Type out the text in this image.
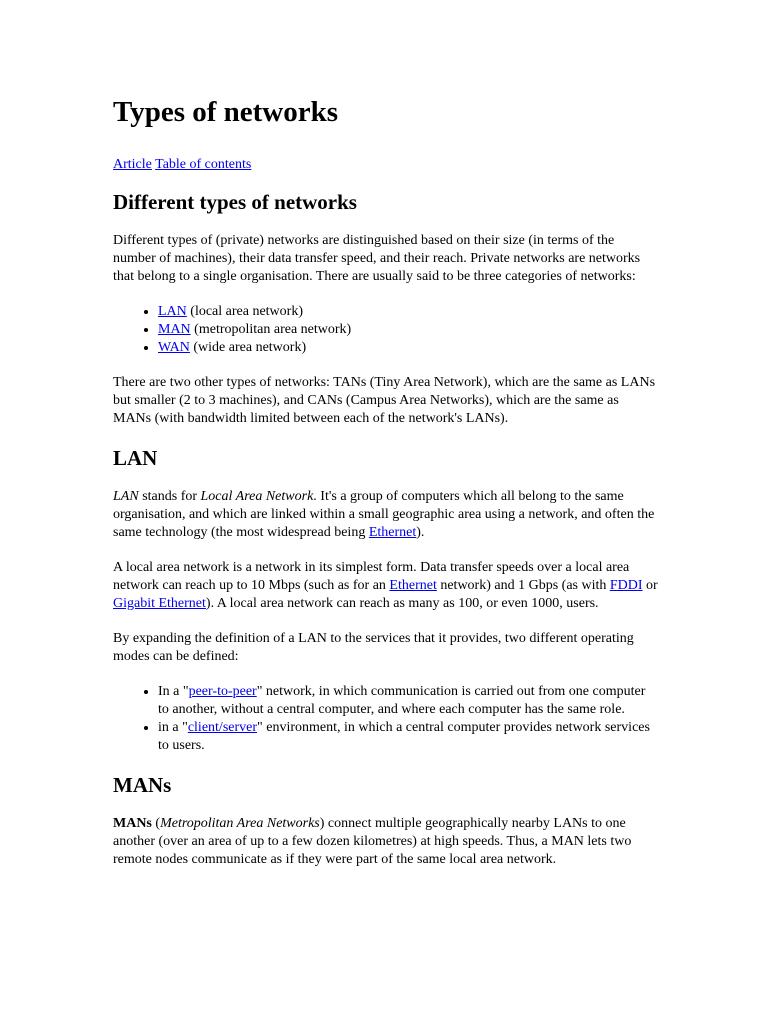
Types of networks
Article Table of contents
Different types of networks

Different types of (private) networks are distinguished based on their size (in terms of the number of machines), their data transfer speed, and their reach. Private networks are networks that belong to a single organisation. There are usually said to be three categories of networks:

• LAN (local area network)
• MAN (metropolitan area network)
• WAN (wide area network)

There are two other types of networks: TANs (Tiny Area Network), which are the same as LANs but smaller (2 to 3 machines), and CANs (Campus Area Networks), which are the same as MANs (with bandwidth limited between each of the network's LANs).

LAN

LAN stands for Local Area Network. It's a group of computers which all belong to the same organisation, and which are linked within a small geographic area using a network, and often the same technology (the most widespread being Ethernet).

A local area network is a network in its simplest form. Data transfer speeds over a local area network can reach up to 10 Mbps (such as for an Ethernet network) and 1 Gbps (as with FDDI or Gigabit Ethernet). A local area network can reach as many as 100, or even 1000, users.

By expanding the definition of a LAN to the services that it provides, two different operating modes can be defined:

• In a "peer-to-peer" network, in which communication is carried out from one computer to another, without a central computer, and where each computer has the same role.
• in a "client/server" environment, in which a central computer provides network services to users.
MANs

MANs (Metropolitan Area Networks) connect multiple geographically nearby LANs to one another (over an area of up to a few dozen kilometres) at high speeds. Thus, a MAN lets two remote nodes communicate as if they were part of the same local area network.
